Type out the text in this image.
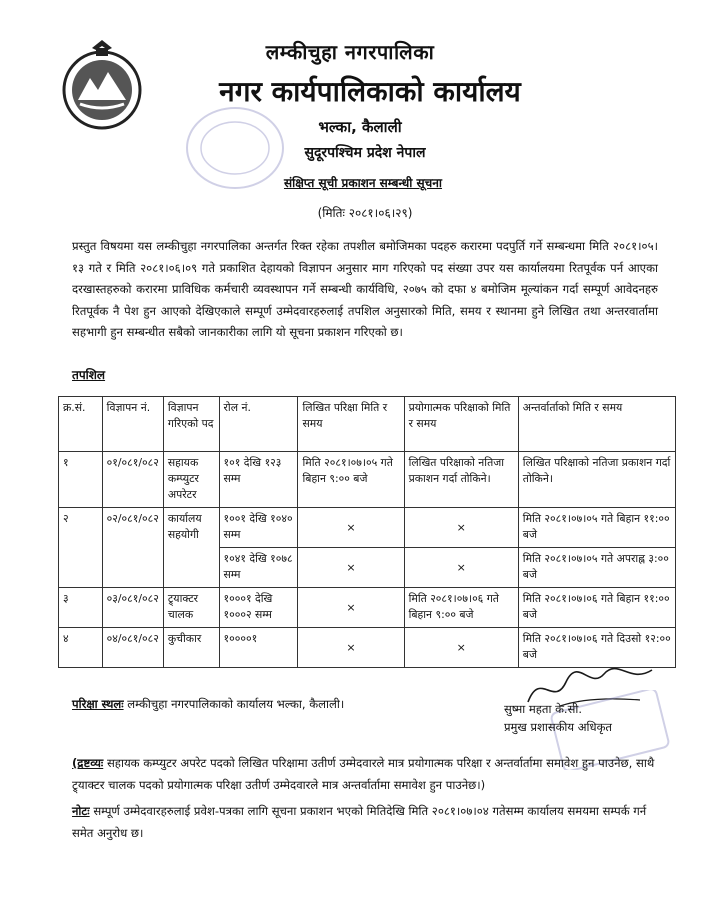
लम्कीचुहा नगरपालिका
नगर कार्यपालिकाको कार्यालय
भल्का, कैलाली
सुदूरपश्चिम प्रदेश नेपाल
संक्षिप्त सूची प्रकाशन सम्बन्धी सूचना
(मितिः २०८१।०६।२९)
प्रस्तुत विषयमा यस लम्कीचुहा नगरपालिका अन्तर्गत रिक्त रहेका तपशील बमोजिमका पदहरु करारमा पदपुर्ति गर्ने सम्बन्धमा मिति २०८१।०५।१३ गते र मिति २०८१।०६।०९ गते प्रकाशित देहायको विज्ञापन अनुसार माग गरिएको पद संख्या उपर यस कार्यालयमा रितपूर्वक पर्न आएका दरखास्तहरुको करारमा प्राविधिक कर्मचारी व्यवस्थापन गर्ने सम्बन्धी कार्यविधि, २०७५ को दफा ४ बमोजिम मूल्यांकन गर्दा सम्पूर्ण आवेदनहरु रितपूर्वक नै पेश हुन आएको देखिएकाले सम्पूर्ण उम्मेदवारहरुलाई तपशिल अनुसारको मिति, समय र स्थानमा हुने लिखित तथा अन्तरवार्तामा सहभागी हुन सम्बन्धीत सबैको जानकारीका लागि यो सूचना प्रकाशन गरिएको छ।
तपशिल
क्र.सं.	विज्ञापन नं.	विज्ञापन गरिएको पद	रोल नं.	लिखित परिक्षा मिति र समय	प्रयोगात्मक परिक्षाको मिति र समय	अन्तर्वार्ताको मिति र समय
१	०१/०८१/०८२	सहायक कम्प्युटर अपरेटर	१०१ देखि १२३ सम्म	मिति २०८१।०७।०५ गते बिहान ९:०० बजे	लिखित परिक्षाको नतिजा प्रकाशन गर्दा तोकिने।	लिखित परिक्षाको नतिजा प्रकाशन गर्दा तोकिने।
२	०२/०८१/०८२	कार्यालय सहयोगी	१००१ देखि १०४० सम्म	×	×	मिति २०८१।०७।०५ गते बिहान ११:०० बजे
			१०४१ देखि १०७८ सम्म	×	×	मिति २०८१।०७।०५ गते अपराह्न ३:०० बजे
३	०३/०८१/०८२	ट्र्याक्टर चालक	१०००१ देखि १०००२ सम्म	×	मिति २०८१।०७।०६ गते बिहान ९:०० बजे	मिति २०८१।०७।०६ गते बिहान ११:०० बजे
४	०४/०८१/०८२	कुचीकार	१००००१	×	×	मिति २०८१।०७।०६ गते दिउसो १२:०० बजे
परिक्षा स्थलः लम्कीचुहा नगरपालिकाको कार्यालय भल्का, कैलाली।	सुष्मा महता के.सी.
प्रमुख प्रशासकीय अधिकृत
(द्रष्टव्यः सहायक कम्प्युटर अपरेट पदको लिखित परिक्षामा उतीर्ण उम्मेदवारले मात्र प्रयोगात्मक परिक्षा र अन्तर्वार्तामा समावेश हुन पाउनेछ, साथै ट्र्याक्टर चालक पदको प्रयोगात्मक परिक्षा उतीर्ण उम्मेदवारले मात्र अन्तर्वार्तामा समावेश हुन पाउनेछ।)
नोटः सम्पूर्ण उम्मेदवारहरुलाई प्रवेश-पत्रका लागि सूचना प्रकाशन भएको मितिदेखि मिति २०८१।०७।०४ गतेसम्म कार्यालय समयमा सम्पर्क गर्न समेत अनुरोध छ।
